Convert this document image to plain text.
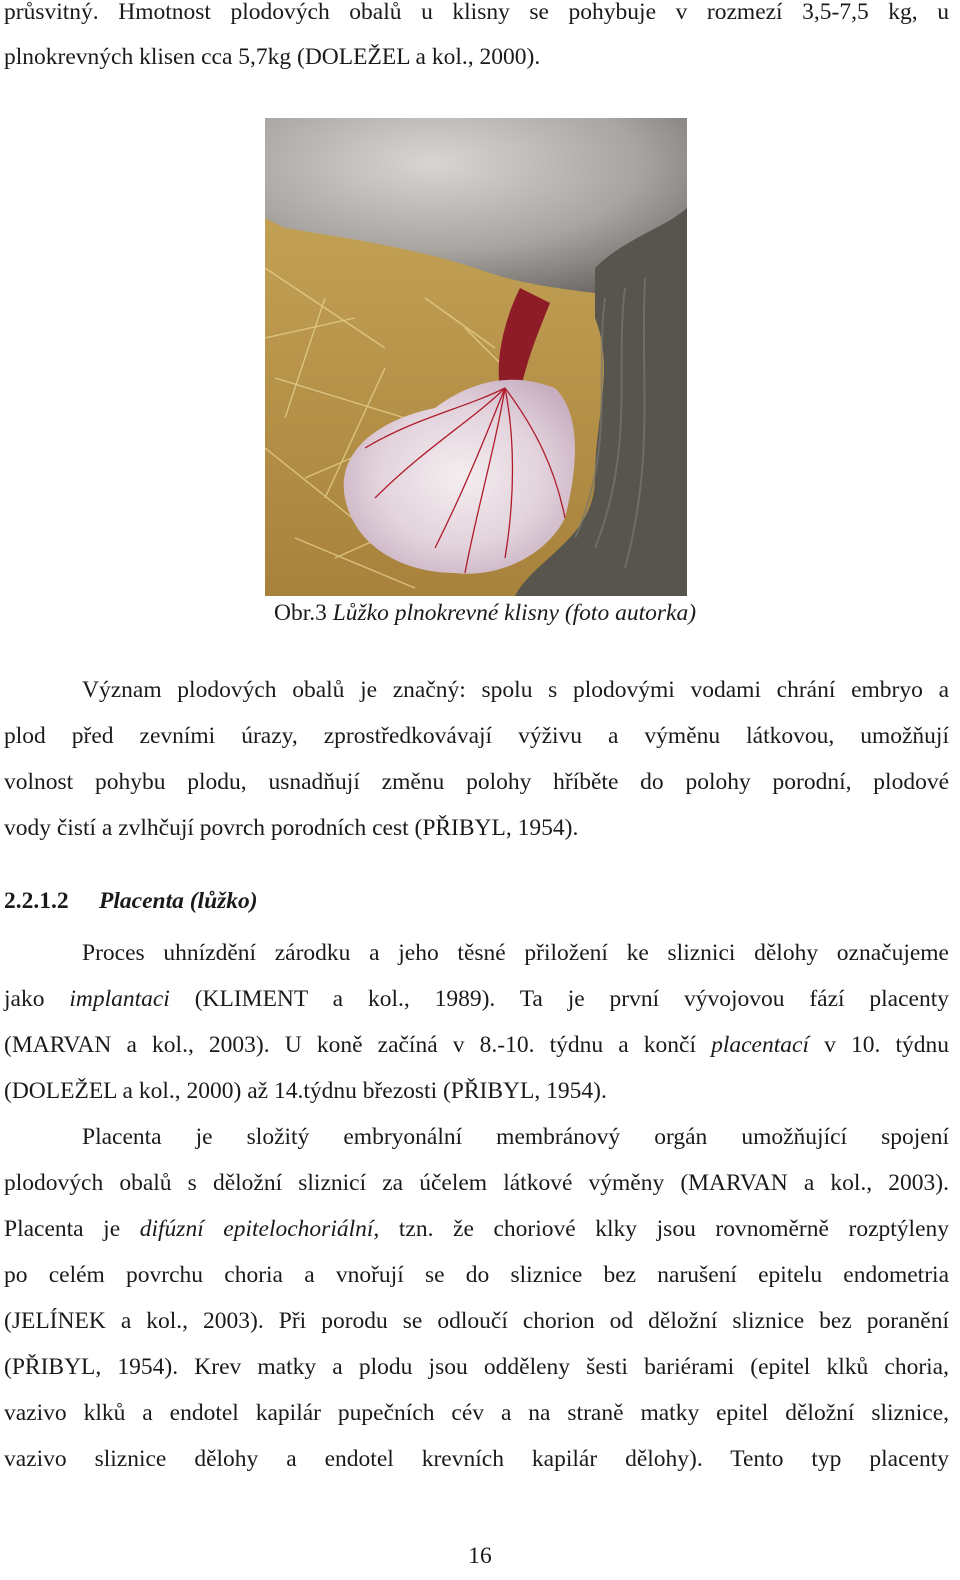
průsvitný. Hmotnost plodových obalů u klisny se pohybuje v rozmezí 3,5-7,5 kg, u
plnokrevných klisen cca 5,7kg (DOLEŽEL a kol., 2000).
Obr.3 Lůžko plnokrevné klisny (foto autorka)
Význam plodových obalů je značný: spolu s plodovými vodami chrání embryo a
plod před zevními úrazy, zprostředkovávají výživu a výměnu látkovou, umožňují
volnost pohybu plodu, usnadňují změnu polohy hříběte do polohy porodní, plodové
vody čistí a zvlhčují povrch porodních cest (PŘIBYL, 1954).
2.2.1.2 Placenta (lůžko)
Proces uhnízdění zárodku a jeho těsné přiložení ke sliznici dělohy označujeme
jako implantaci (KLIMENT a kol., 1989). Ta je první vývojovou fází placenty
(MARVAN a kol., 2003). U koně začíná v 8.-10. týdnu a končí placentací v 10. týdnu
(DOLEŽEL a kol., 2000) až 14.týdnu březosti (PŘIBYL, 1954).
Placenta je složitý embryonální membránový orgán umožňující spojení
plodových obalů s děložní sliznicí za účelem látkové výměny (MARVAN a kol., 2003).
Placenta je difúzní epitelochoriální, tzn. že choriové klky jsou rovnoměrně rozptýleny
po celém povrchu choria a vnořují se do sliznice bez narušení epitelu endometria
(JELÍNEK a kol., 2003). Při porodu se odloučí chorion od děložní sliznice bez poranění
(PŘIBYL, 1954). Krev matky a plodu jsou odděleny šesti bariérami (epitel klků choria,
vazivo klků a endotel kapilár pupečních cév a na straně matky epitel děložní sliznice,
vazivo sliznice dělohy a endotel krevních kapilár dělohy). Tento typ placenty
16
